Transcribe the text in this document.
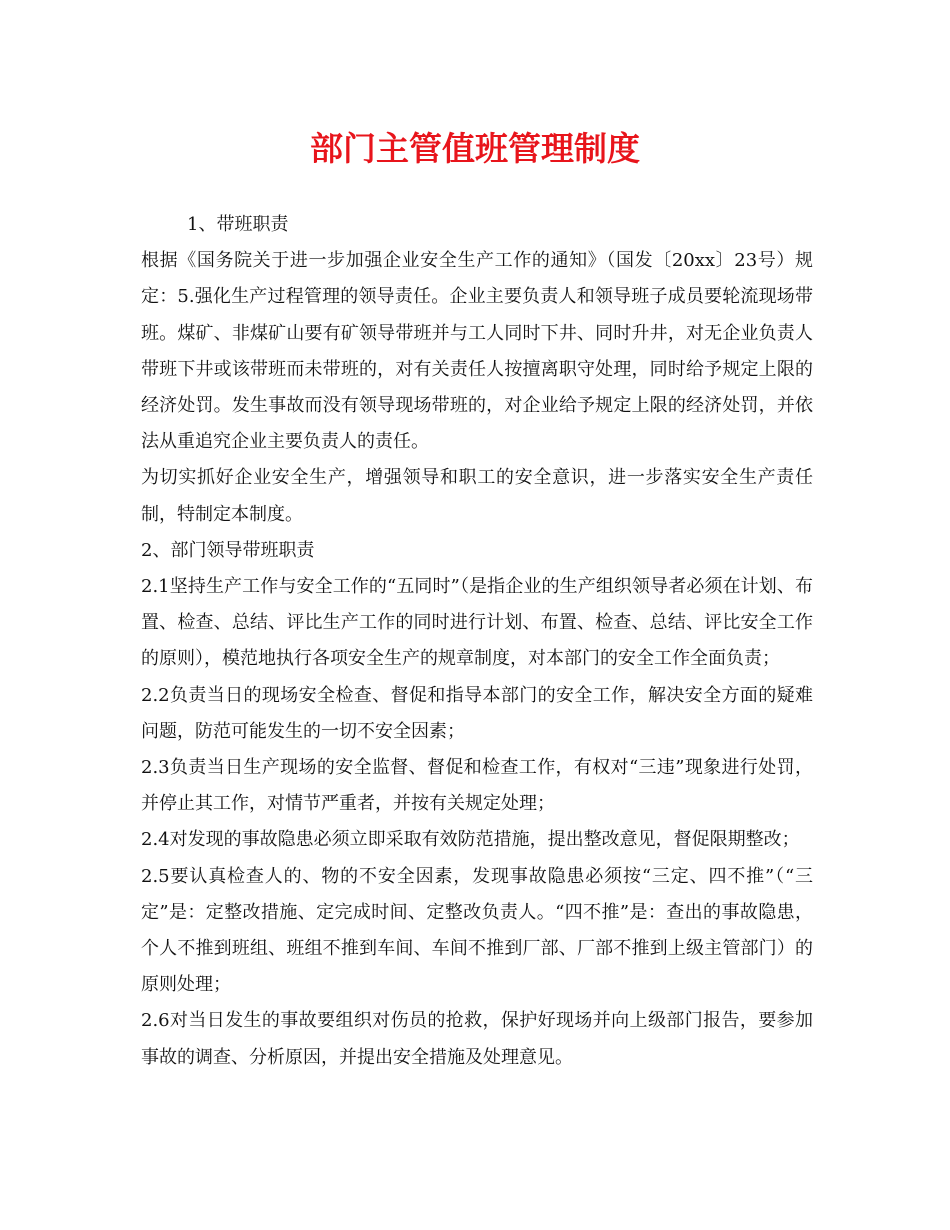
部门主管值班管理制度

1、带班职责

根据《国务院关于进一步加强企业安全生产工作的通知》（国发〔20xx〕23号）规定：5.强化生产过程管理的领导责任。企业主要负责人和领导班子成员要轮流现场带班。煤矿、非煤矿山要有矿领导带班并与工人同时下井、同时升井，对无企业负责人带班下井或该带班而未带班的，对有关责任人按擅离职守处理，同时给予规定上限的经济处罚。发生事故而没有领导现场带班的，对企业给予规定上限的经济处罚，并依法从重追究企业主要负责人的责任。

为切实抓好企业安全生产，增强领导和职工的安全意识，进一步落实安全生产责任制，特制定本制度。

2、部门领导带班职责

2.1坚持生产工作与安全工作的“五同时”（是指企业的生产组织领导者必须在计划、布置、检查、总结、评比生产工作的同时进行计划、布置、检查、总结、评比安全工作的原则），模范地执行各项安全生产的规章制度，对本部门的安全工作全面负责；

2.2负责当日的现场安全检查、督促和指导本部门的安全工作，解决安全方面的疑难问题，防范可能发生的一切不安全因素；

2.3负责当日生产现场的安全监督、督促和检查工作，有权对“三违”现象进行处罚，并停止其工作，对情节严重者，并按有关规定处理；

2.4对发现的事故隐患必须立即采取有效防范措施，提出整改意见，督促限期整改；

2.5要认真检查人的、物的不安全因素，发现事故隐患必须按“三定、四不推”（“三定”是：定整改措施、定完成时间、定整改负责人。“四不推”是：查出的事故隐患，个人不推到班组、班组不推到车间、车间不推到厂部、厂部不推到上级主管部门）的原则处理；

2.6对当日发生的事故要组织对伤员的抢救，保护好现场并向上级部门报告，要参加事故的调查、分析原因，并提出安全措施及处理意见。
